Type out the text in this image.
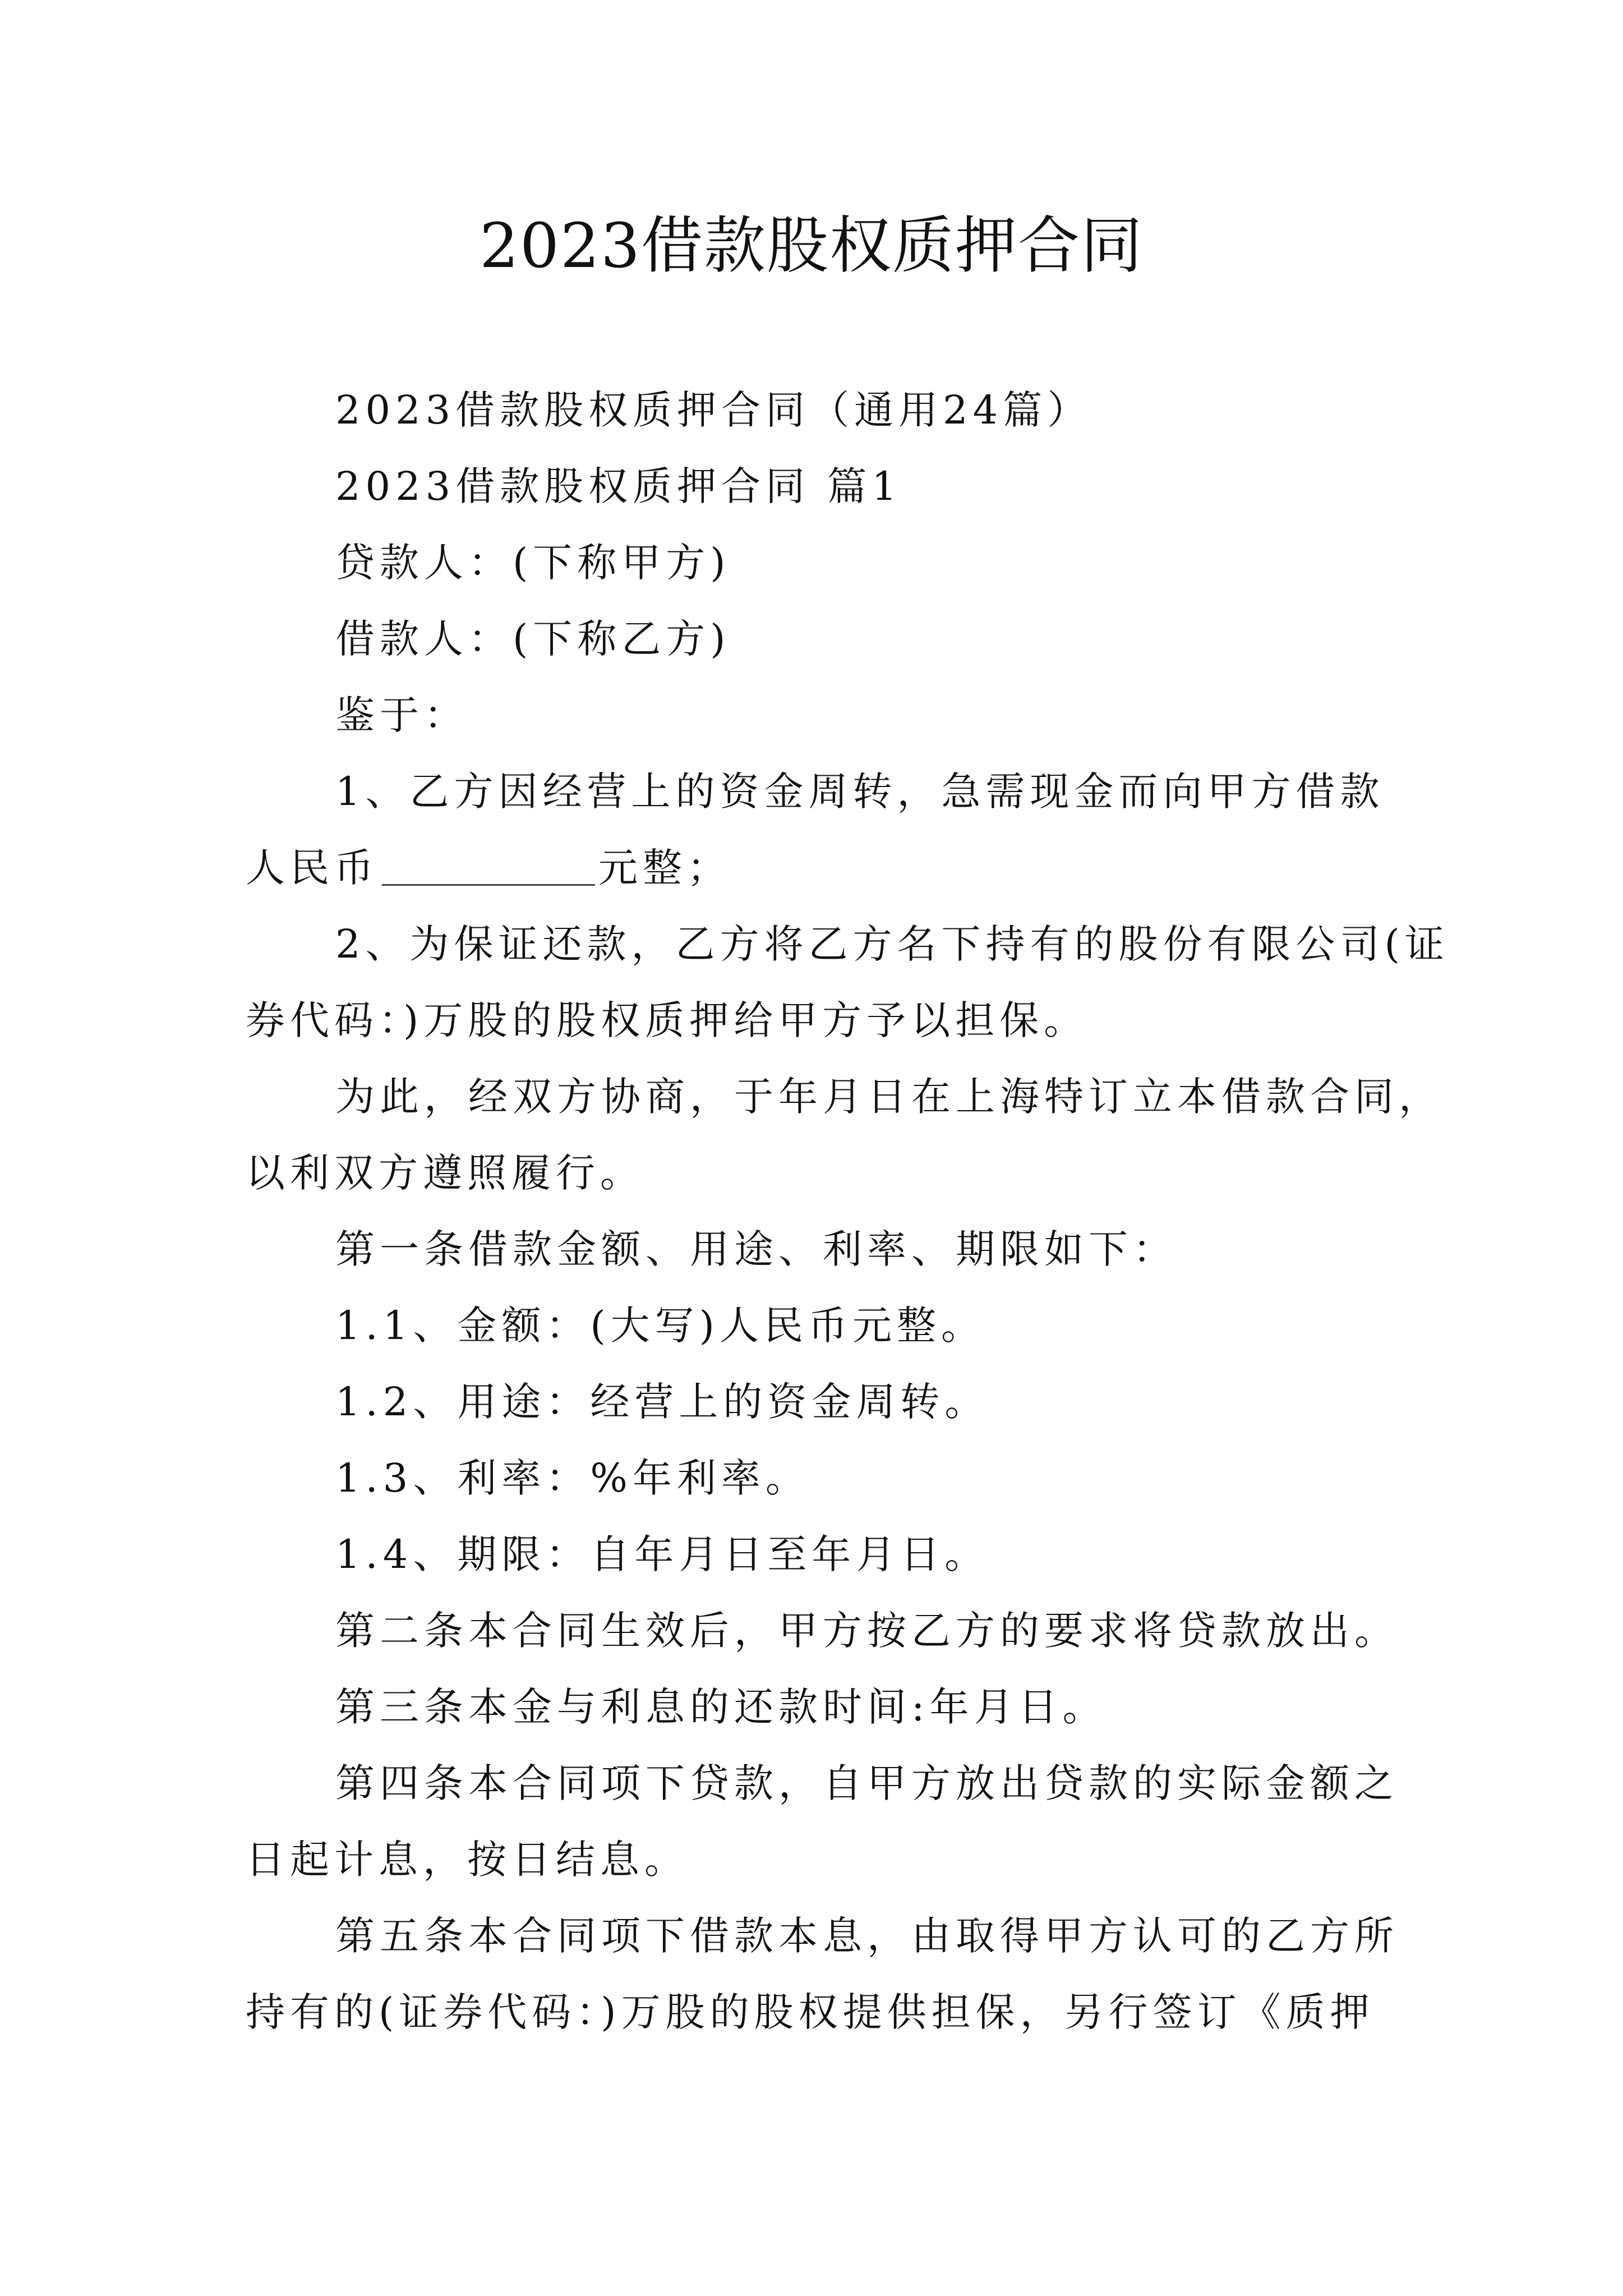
2023借款股权质押合同
2023借款股权质押合同（通用24篇）
2023借款股权质押合同 篇1
贷款人：(下称甲方)
借款人：(下称乙方)
鉴于：
1、乙方因经营上的资金周转，急需现金而向甲方借款
人民币	元整；
2、为保证还款，乙方将乙方名下持有的股份有限公司(证
券代码：)万股的股权质押给甲方予以担保。
为此，经双方协商，于年月日在上海特订立本借款合同，
以利双方遵照履行。
第一条借款金额、用途、利率、期限如下：
1.1、金额：(大写)人民币元整。
1.2、用途：经营上的资金周转。
1.3、利率：%年利率。
1.4、期限：自年月日至年月日。
第二条本合同生效后，甲方按乙方的要求将贷款放出。
第三条本金与利息的还款时间:年月日。
第四条本合同项下贷款，自甲方放出贷款的实际金额之
日起计息，按日结息。
第五条本合同项下借款本息，由取得甲方认可的乙方所
持有的(证券代码：)万股的股权提供担保，另行签订《质押
